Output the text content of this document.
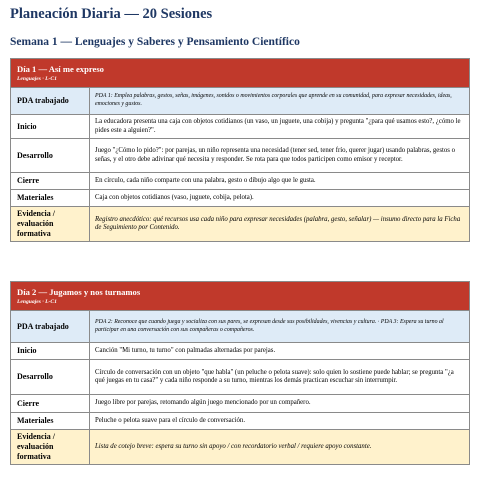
Planeación Diaria — 20 Sesiones
Semana 1 — Lenguajes y Saberes y Pensamiento Científico
Día 1 — Así me expreso
Lenguajes · L-C1	

PDA trabajado	PDA 1: Emplea palabras, gestos, señas, imágenes, sonidos o movimientos corporales que aprende en su comunidad, para expresar necesidades, ideas, emociones y gustos.
Inicio	La educadora presenta una caja con objetos cotidianos (un vaso, un juguete, una cobija) y pregunta "¿para qué usamos esto?, ¿cómo le pides este a alguien?".
Desarrollo	Juego "¿Cómo lo pido?": por parejas, un niño representa una necesidad (tener sed, tener frío, querer jugar) usando palabras, gestos o señas, y el otro debe adivinar qué necesita y responder. Se rota para que todos participen como emisor y receptor.
Cierre	En círculo, cada niño comparte con una palabra, gesto o dibujo algo que le gusta.
Materiales	Caja con objetos cotidianos (vaso, juguete, cobija, pelota).
Evidencia / evaluación formativa	Registro anecdótico: qué recursos usa cada niño para expresar necesidades (palabra, gesto, señalar) — insumo directo para la Ficha de Seguimiento por Contenido.
Día 2 — Jugamos y nos turnamos
Lenguajes · L-C1	

PDA trabajado	PDA 2: Reconoce que cuando juega y socializa con sus pares, se expresan desde sus posibilidades, vivencias y cultura. · PDA 3: Espera su turno al participar en una conversación con sus compañeras o compañeros.
Inicio	Canción "Mi turno, tu turno" con palmadas alternadas por parejas.
Desarrollo	Círculo de conversación con un objeto "que habla" (un peluche o pelota suave): solo quien lo sostiene puede hablar; se pregunta "¿a qué juegas en tu casa?" y cada niño responde a su turno, mientras los demás practican escuchar sin interrumpir.
Cierre	Juego libre por parejas, retomando algún juego mencionado por un compañero.
Materiales	Peluche o pelota suave para el círculo de conversación.
Evidencia / evaluación formativa	Lista de cotejo breve: espera su turno sin apoyo / con recordatorio verbal / requiere apoyo constante.
